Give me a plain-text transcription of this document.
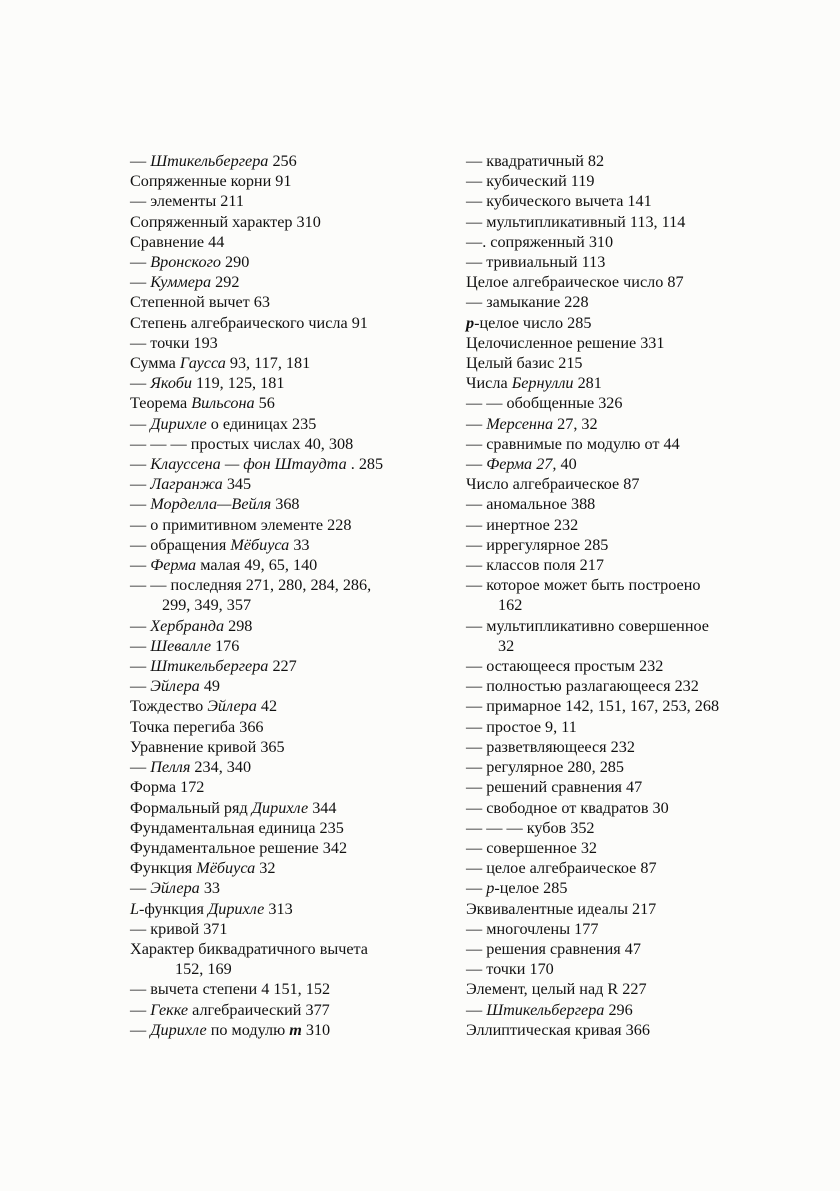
— Штикельбергера 256
Сопряженные корни 91
— элементы 211
Сопряженный характер 310
Сравнение 44
— Вронского 290
— Куммера 292
Степенной вычет 63
Степень алгебраического числа 91
— точки 193
Сумма Гаусса 93, 117, 181
— Якоби 119, 125, 181
Теорема Вильсона 56
— Дирихле о единицах 235
— — — простых числах 40, 308
— Клауссена — фон Штаудта . 285
— Лагранжа 345
— Морделла—Вейля 368
— о примитивном элементе 228
— обращения Мёбиуса 33
— Ферма малая 49, 65, 140
— — последняя 271, 280, 284, 286,
299, 349, 357
— Хербранда 298
— Шевалле 176
— Штикельбергера 227
— Эйлера 49
Тождество Эйлера 42
Точка перегиба 366
Уравнение кривой 365
— Пелля 234, 340
Форма 172
Формальный ряд Дирихле 344
Фундаментальная единица 235
Фундаментальное решение 342
Функция Мёбиуса 32
— Эйлера 33
L-функция Дирихле 313
— кривой 371
Характер биквадратичного вычета
152, 169
— вычета степени 4 151, 152
— Гекке алгебраический 377
— Дирихле по модулю m 310
— квадратичный 82
— кубический 119
— кубического вычета 141
— мультипликативный 113, 114
—. сопряженный 310
— тривиальный 113
Целое алгебраическое число 87
— замыкание 228
p-целое число 285
Целочисленное решение 331
Целый базис 215
Числа Бернулли 281
— — обобщенные 326
— Мерсенна 27, 32
— сравнимые по модулю от 44
— Ферма 27, 40
Число алгебраическое 87
— аномальное 388
— инертное 232
— иррегулярное 285
— классов поля 217
— которое может быть построено
162
— мультипликативно совершенное
32
— остающееся простым 232
— полностью разлагающееся 232
— примарное 142, 151, 167, 253, 268
— простое 9, 11
— разветвляющееся 232
— регулярное 280, 285
— решений сравнения 47
— свободное от квадратов 30
— — — кубов 352
— совершенное 32
— целое алгебраическое 87
— p-целое 285
Эквивалентные идеалы 217
— многочлены 177
— решения сравнения 47
— точки 170
Элемент, целый над R 227
— Штикельбергера 296
Эллиптическая кривая 366
